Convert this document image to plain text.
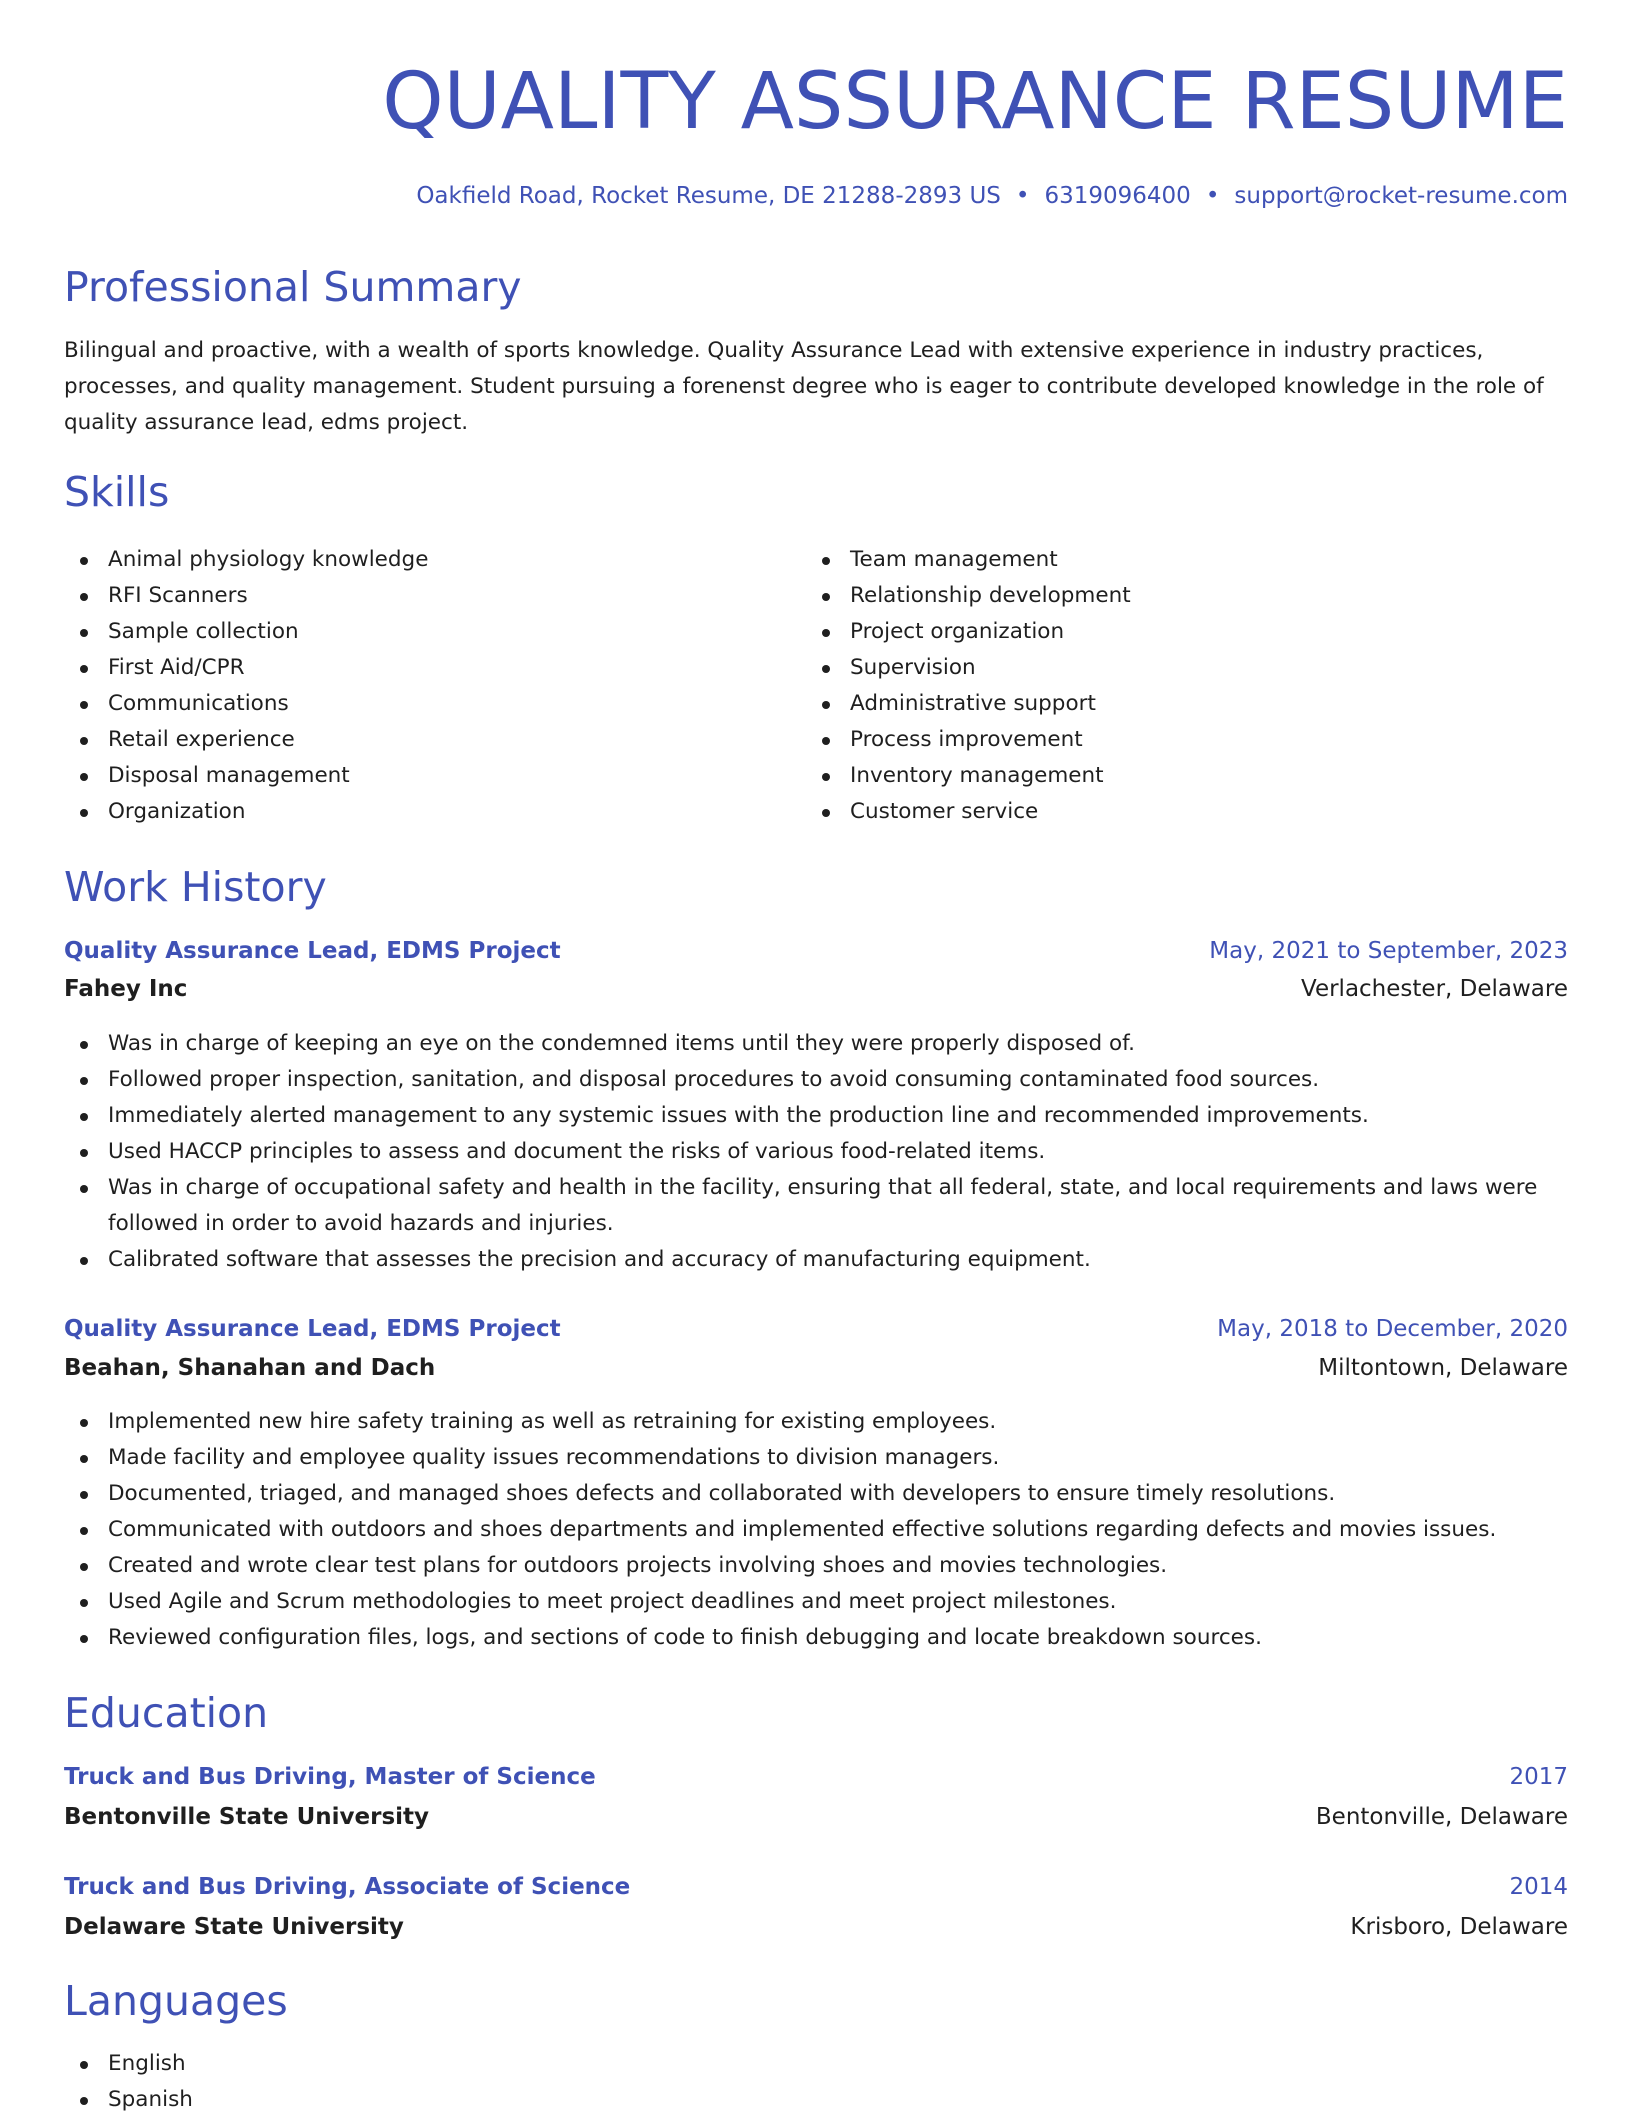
QUALITY ASSURANCE RESUME
Oakfield Road, Rocket Resume, DE 21288-2893 US • 6319096400 • support@rocket-resume.com
Professional Summary

Bilingual and proactive, with a wealth of sports knowledge. Quality Assurance Lead with extensive experience in industry practices, processes, and quality management. Student pursuing a forenenst degree who is eager to contribute developed knowledge in the role of quality assurance lead, edms project.

Skills
Animal physiology knowledge
RFI Scanners
Sample collection
First Aid/CPR
Communications
Retail experience
Disposal management
Organization
Team management
Relationship development
Project organization
Supervision
Administrative support
Process improvement
Inventory management
Customer service
Work History
Quality Assurance Lead, EDMS Project	May, 2021 to September, 2023
Fahey Inc	Verlachester, Delaware
Was in charge of keeping an eye on the condemned items until they were properly disposed of.
Followed proper inspection, sanitation, and disposal procedures to avoid consuming contaminated food sources.
Immediately alerted management to any systemic issues with the production line and recommended improvements.
Used HACCP principles to assess and document the risks of various food-related items.
Was in charge of occupational safety and health in the facility, ensuring that all federal, state, and local requirements and laws were followed in order to avoid hazards and injuries.
Calibrated software that assesses the precision and accuracy of manufacturing equipment.
Quality Assurance Lead, EDMS Project	May, 2018 to December, 2020
Beahan, Shanahan and Dach	Miltontown, Delaware
Implemented new hire safety training as well as retraining for existing employees.
Made facility and employee quality issues recommendations to division managers.
Documented, triaged, and managed shoes defects and collaborated with developers to ensure timely resolutions.
Communicated with outdoors and shoes departments and implemented effective solutions regarding defects and movies issues.
Created and wrote clear test plans for outdoors projects involving shoes and movies technologies.
Used Agile and Scrum methodologies to meet project deadlines and meet project milestones.
Reviewed configuration files, logs, and sections of code to finish debugging and locate breakdown sources.
Education
Truck and Bus Driving, Master of Science	2017
Bentonville State University	Bentonville, Delaware
Truck and Bus Driving, Associate of Science	2014
Delaware State University	Krisboro, Delaware
Languages
English
Spanish
